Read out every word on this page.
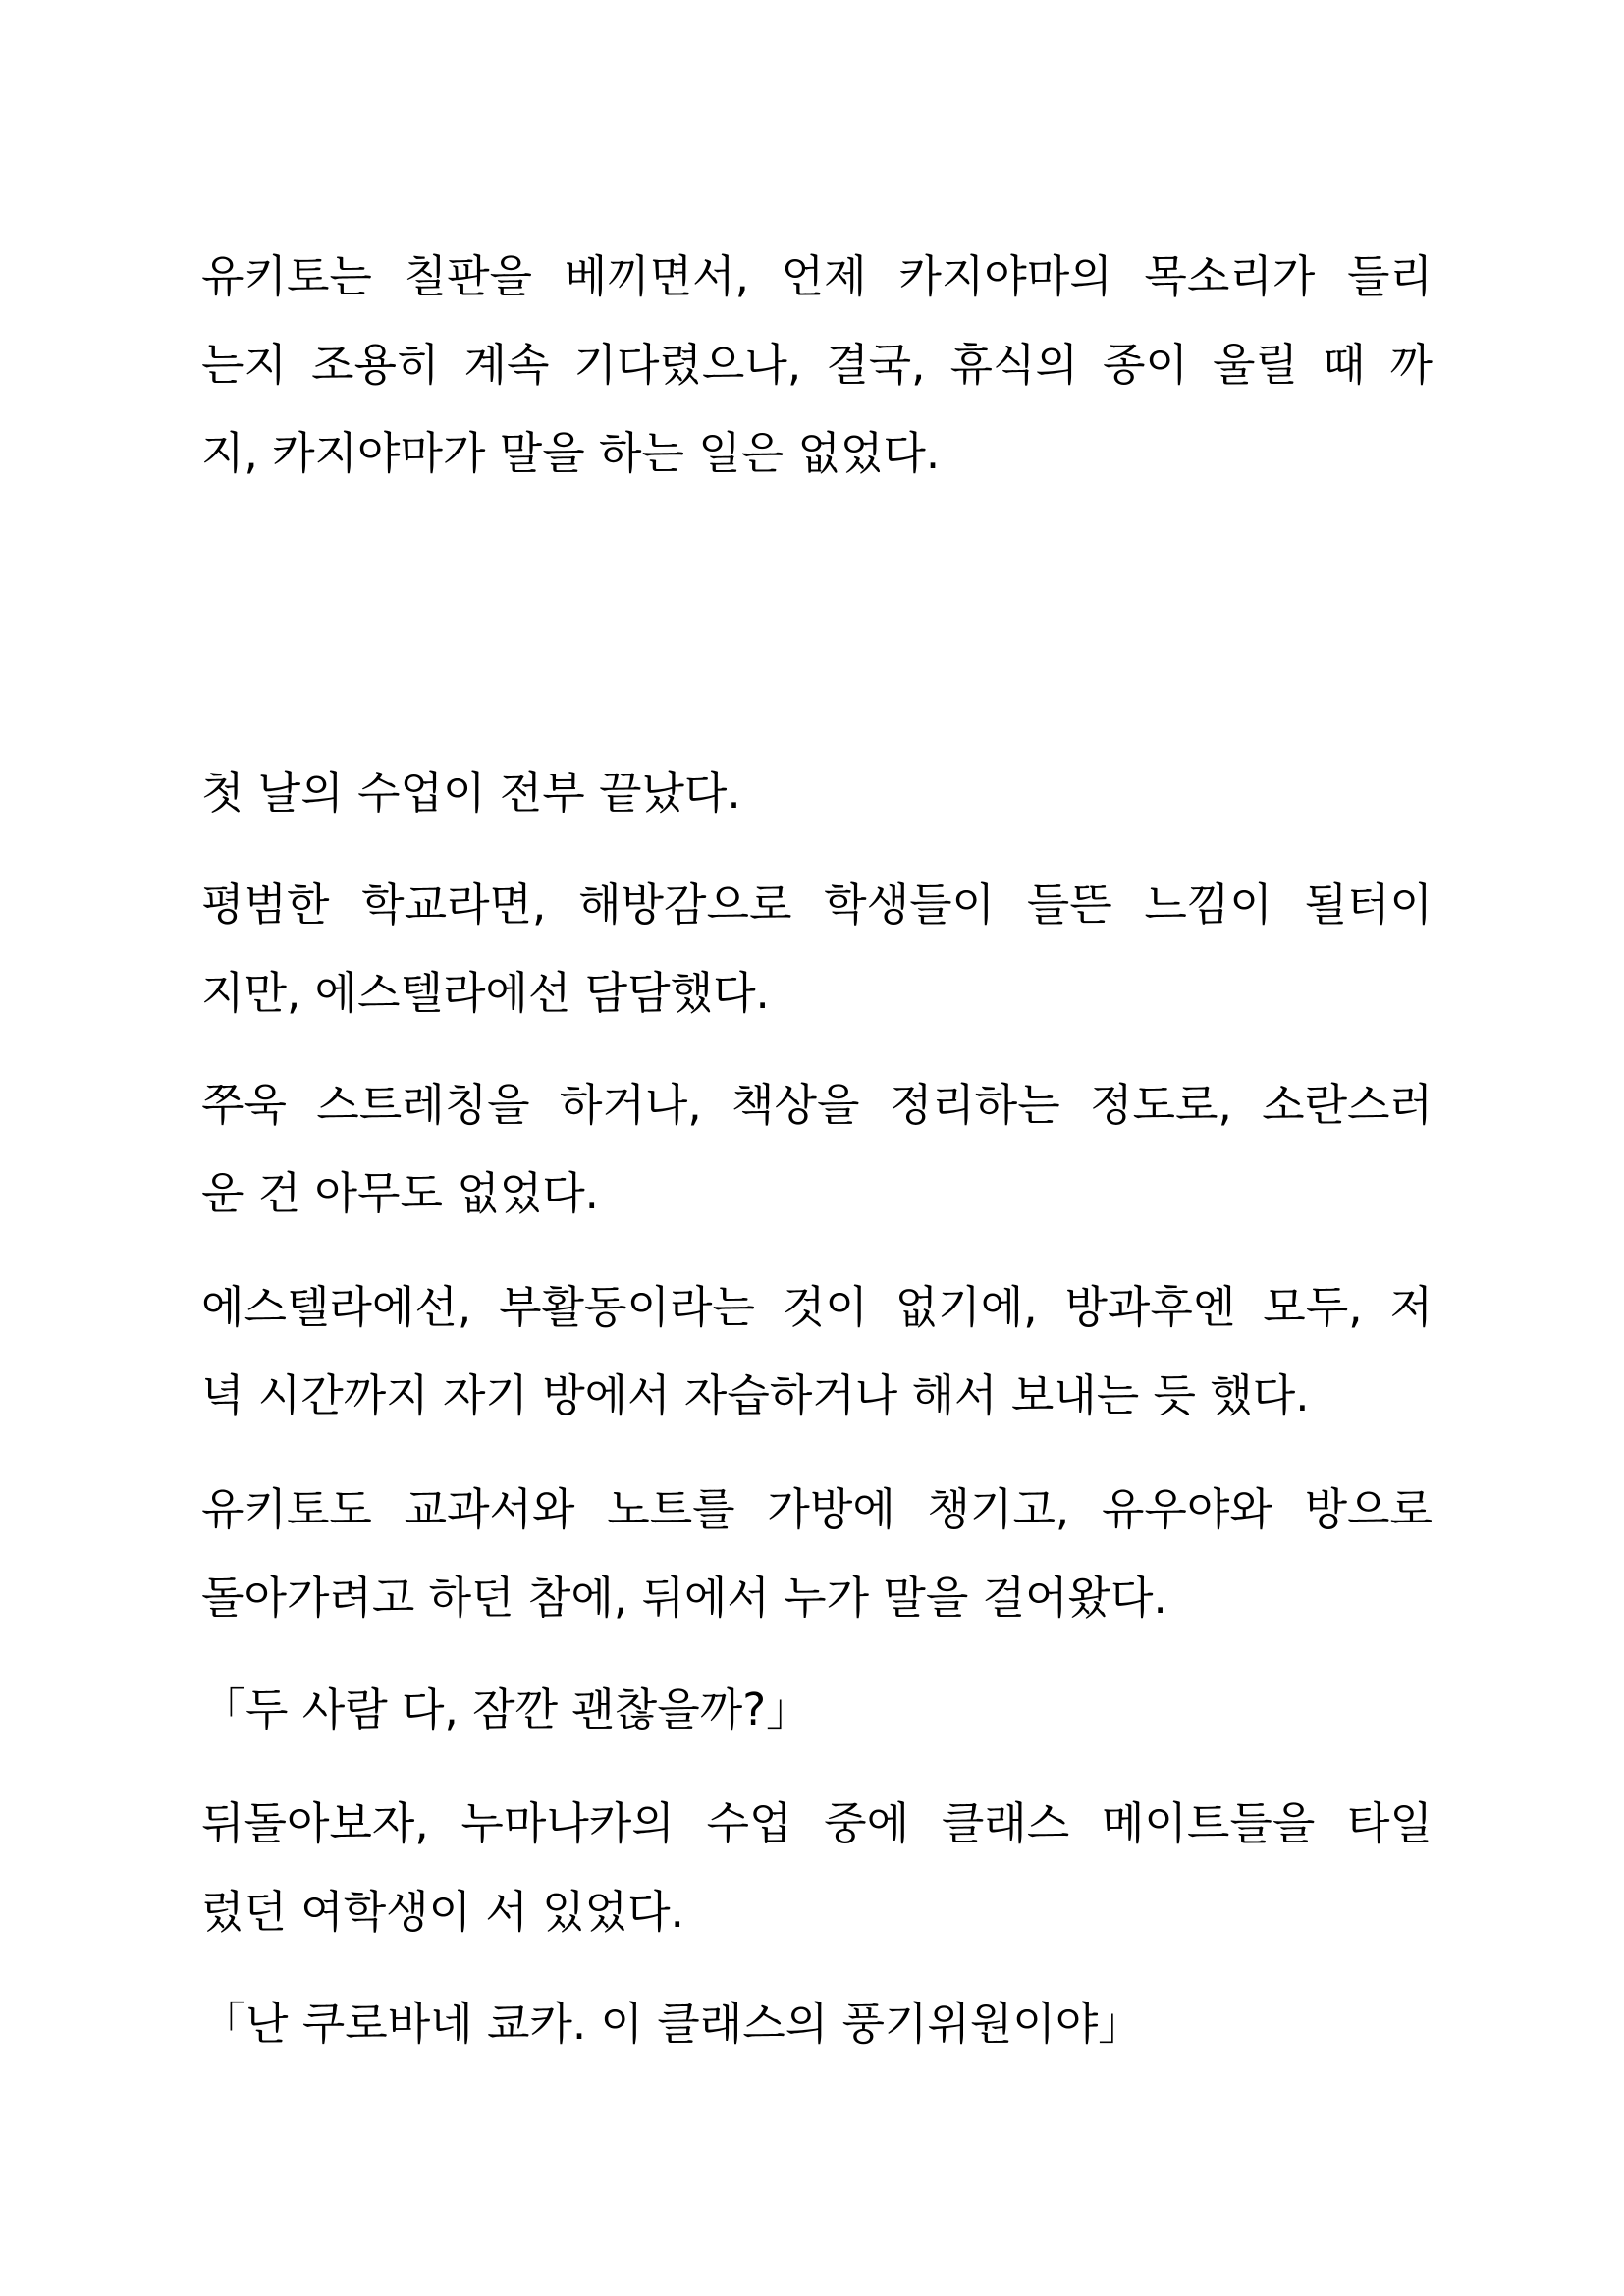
유키토는 칠판을 베끼면서, 언제 카지야마의 목소리가 들리
는지 조용히 계속 기다렸으나, 결국, 휴식의 종이 울릴 때 까
지, 카지야마가 말을 하는 일은 없었다.
첫 날의 수업이 전부 끝났다.
평범한 학교라면, 해방감으로 학생들이 들뜬 느낌이 될터이
지만, 에스텔라에선 담담했다.
쭈욱 스트레칭을 하거나, 책상을 정리하는 정도로, 소란스러
운 건 아무도 없었다.
에스텔라에선, 부활동이라는 것이 없기에, 방과후엔 모두, 저
녁 시간까지 자기 방에서 자습하거나 해서 보내는 듯 했다.
유키토도 교과서와 노트를 가방에 챙기고, 유우야와 방으로
돌아가려고 하던 참에, 뒤에서 누가 말을 걸어왔다.
「두 사람 다, 잠깐 괜찮을까?」
뒤돌아보자, 누마나카의 수업 중에 클래스 메이트들을 타일
렀던 여학생이 서 있었다.
「난 쿠로바네 쿄카. 이 클래스의 풍기위원이야」
